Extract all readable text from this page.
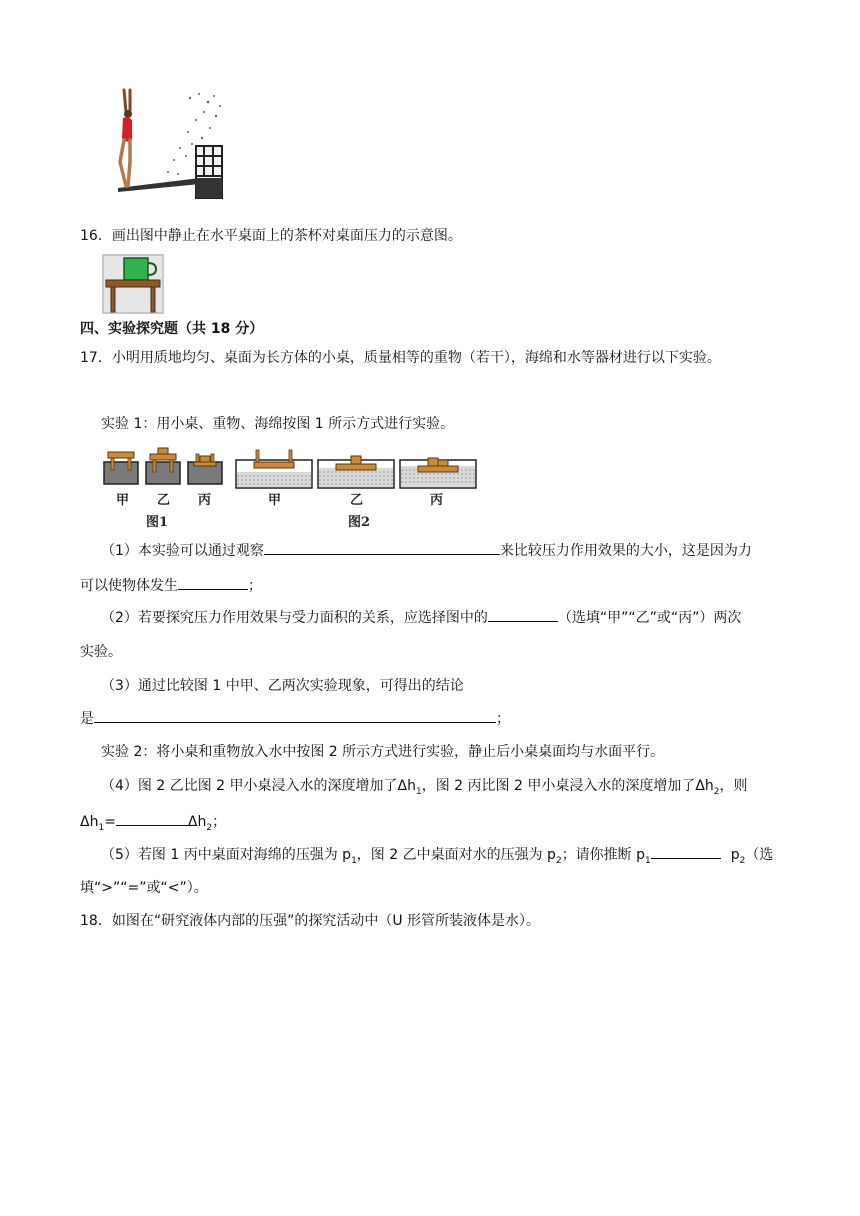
16．画出图中静止在水平桌面上的茶杯对桌面压力的示意图。
四、实验探究题（共 18 分）
17．小明用质地均匀、桌面为长方体的小桌，质量相等的重物（若干），海绵和水等器材进行以下实验。
实验 1：用小桌、重物、海绵按图 1 所示方式进行实验。
甲 乙 丙
图1
甲	乙	丙
图2
（1）本实验可以通过观察	来比较压力作用效果的大小，这是因为力
可以使物体发生	；
（2）若要探究压力作用效果与受力面积的关系，应选择图中的	（选填“甲”“乙”或“丙”）两次
实验。
（3）通过比较图 1 中甲、乙两次实验现象，可得出的结论
是	；
实验 2：将小桌和重物放入水中按图 2 所示方式进行实验，静止后小桌桌面均与水面平行。
（4）图 2 乙比图 2 甲小桌浸入水的深度增加了$\Delta h_1$，图 2 丙比图 2 甲小桌浸入水的深度增加了$\Delta h_2$，则
$\Delta h_1=$	$\Delta h_2$；
（5）若图 1 丙中桌面对海绵的压强为 $p_1$，图 2 乙中桌面对水的压强为 $p_2$；请你推断 $p_1$	$p_2$（选
填“>”“=”或“<”）。
18．如图在“研究液体内部的压强”的探究活动中（U 形管所装液体是水）。
